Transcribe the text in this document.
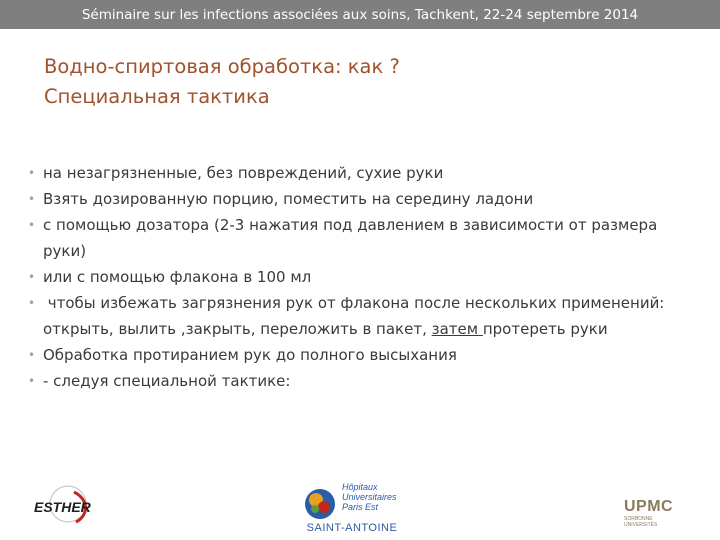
Séminaire sur les infections associées aux soins, Tachkent, 22-24 septembre 2014
Водно-спиртовая обработка: как ?
Специальная тактика
• на незагрязненные, без повреждений, сухие руки
• Взять дозированную порцию, поместить на середину ладони
• с помощью дозатора (2-3 нажатия под давлением в зависимости от размера
руки)
• или с помощью флакона в 100 мл
• чтобы избежать загрязнения рук от флакона после нескольких применений:
открыть, вылить ,закрыть, переложить в пакет, затем протереть руки
• Обработка протиранием рук до полного высыхания
• - следуя специальной тактике:
ESTHER
Hôpitaux
Universitaires
Paris Est
SAINT-ANTOINE
UPMC
SORBONNE UNIVERSITÉS
